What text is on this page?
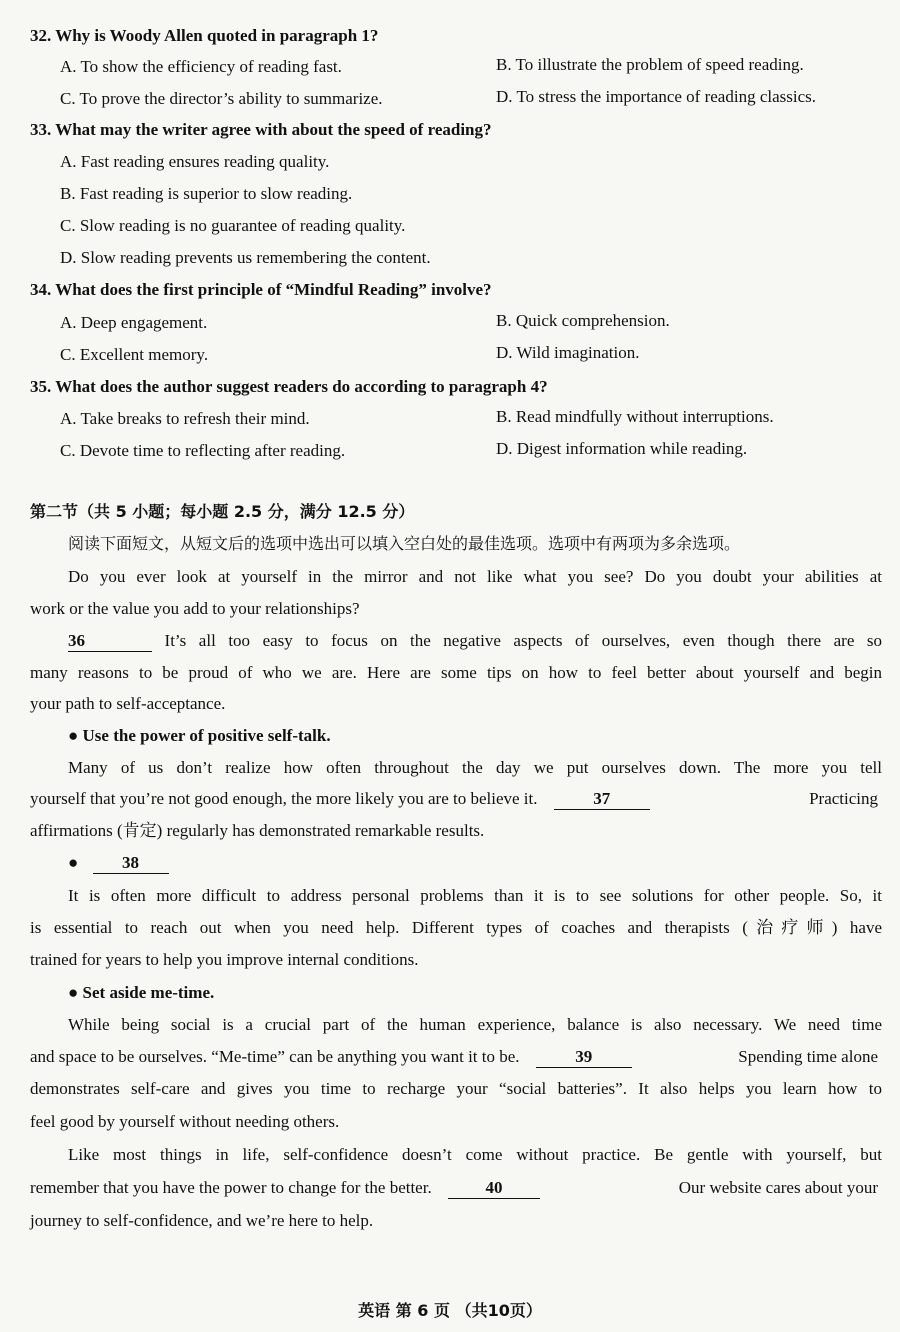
32. Why is Woody Allen quoted in paragraph 1?
A. To show the efficiency of reading fast.	B. To illustrate the problem of speed reading.
C. To prove the director’s ability to summarize.	D. To stress the importance of reading classics.
33. What may the writer agree with about the speed of reading?
A. Fast reading ensures reading quality.
B. Fast reading is superior to slow reading.
C. Slow reading is no guarantee of reading quality.
D. Slow reading prevents us remembering the content.
34. What does the first principle of “Mindful Reading” involve?
A. Deep engagement.	B. Quick comprehension.
C. Excellent memory.	D. Wild imagination.
35. What does the author suggest readers do according to paragraph 4?
A. Take breaks to refresh their mind.	B. Read mindfully without interruptions.
C. Devote time to reflecting after reading.	D. Digest information while reading.
第二节（共 5 小题；每小题 2.5 分，满分 12.5 分）
阅读下面短文，从短文后的选项中选出可以填入空白处的最佳选项。选项中有两项为多余选项。
Do you ever look at yourself in the mirror and not like what you see? Do you doubt your abilities at
work or the value you add to your relationships?
36	It’s all too easy to focus on the negative aspects of ourselves, even though there are so
many reasons to be proud of who we are. Here are some tips on how to feel better about yourself and begin
your path to self-acceptance.
● Use the power of positive self-talk.
Many of us don’t realize how often throughout the day we put ourselves down. The more you tell
yourself that you’re not good enough, the more likely you are to believe it.	37	Practicing
affirmations (肯定) regularly has demonstrated remarkable results.
●	38
It is often more difficult to address personal problems than it is to see solutions for other people. So, it
is essential to reach out when you need help. Different types of coaches and therapists (治疗师) have
trained for years to help you improve internal conditions.
● Set aside me-time.
While being social is a crucial part of the human experience, balance is also necessary. We need time
and space to be ourselves. “Me-time” can be anything you want it to be.	39	Spending time alone
demonstrates self-care and gives you time to recharge your “social batteries”. It also helps you learn how to
feel good by yourself without needing others.
Like most things in life, self-confidence doesn’t come without practice. Be gentle with yourself, but
remember that you have the power to change for the better.	40	Our website cares about your
journey to self-confidence, and we’re here to help.
英语 第 6 页 （共10页）
